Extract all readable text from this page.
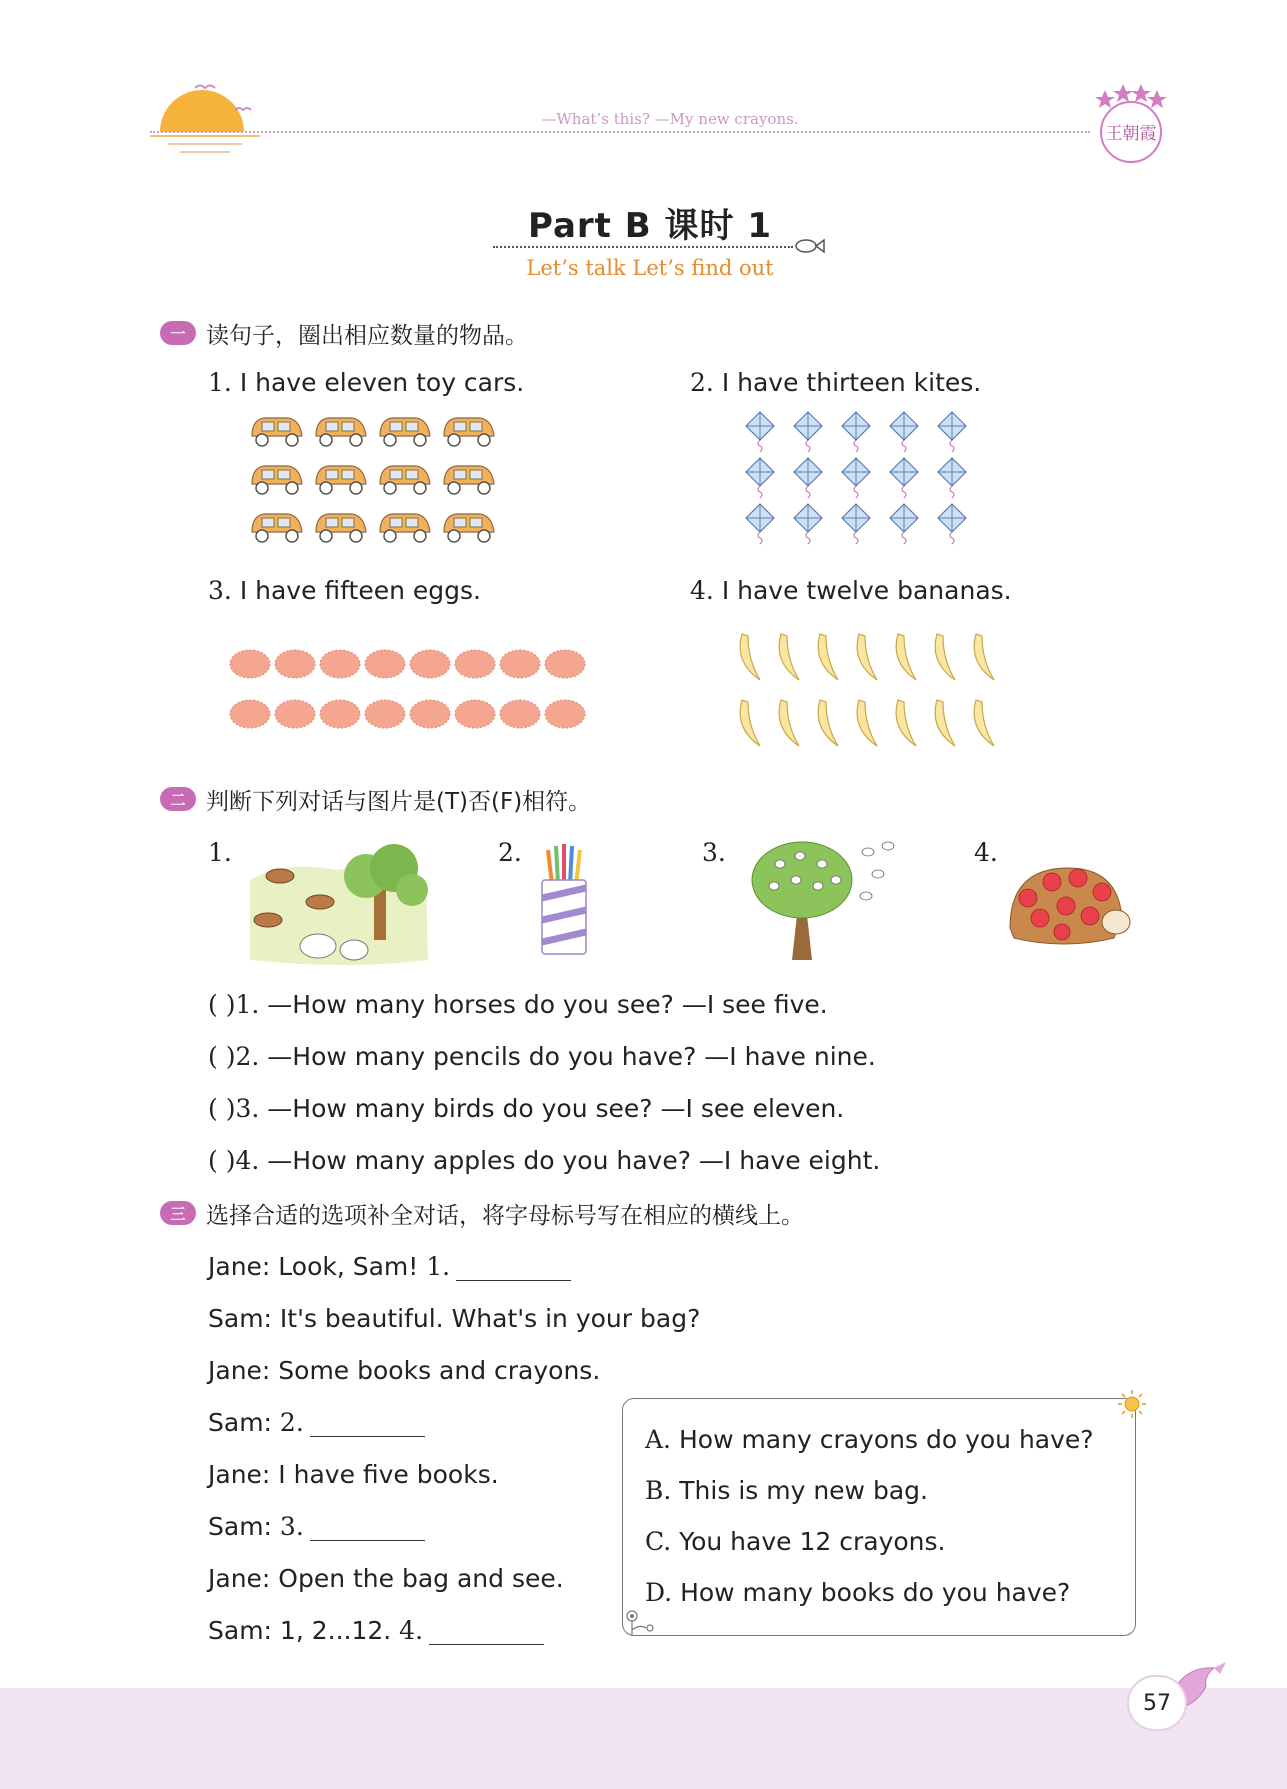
—What’s this? —My new crayons.
王朝霞
Part B 课时 1
Let’s talk Let’s find out
一 读句子，圈出相应数量的物品。
1. I have eleven toy cars.	2. I have thirteen kites.
3. I have fifteen eggs.	4. I have twelve bananas.
二 判断下列对话与图片是(T)否(F)相符。
1.	2.	3.	4.
( )1. —How many horses do you see? —I see five.
( )2. —How many pencils do you have? —I have nine.
( )3. —How many birds do you see? —I see eleven.
( )4. —How many apples do you have? —I have eight.
三 选择合适的选项补全对话，将字母标号写在相应的横线上。
Jane: Look, Sam! 1.
Sam: It's beautiful. What's in your bag?
Jane: Some books and crayons.
Sam: 2.
Jane: I have five books.
Sam: 3.
Jane: Open the bag and see.
Sam: 1, 2...12. 4.
A. How many crayons do you have?
B. This is my new bag.
C. You have 12 crayons.
D. How many books do you have?
57
